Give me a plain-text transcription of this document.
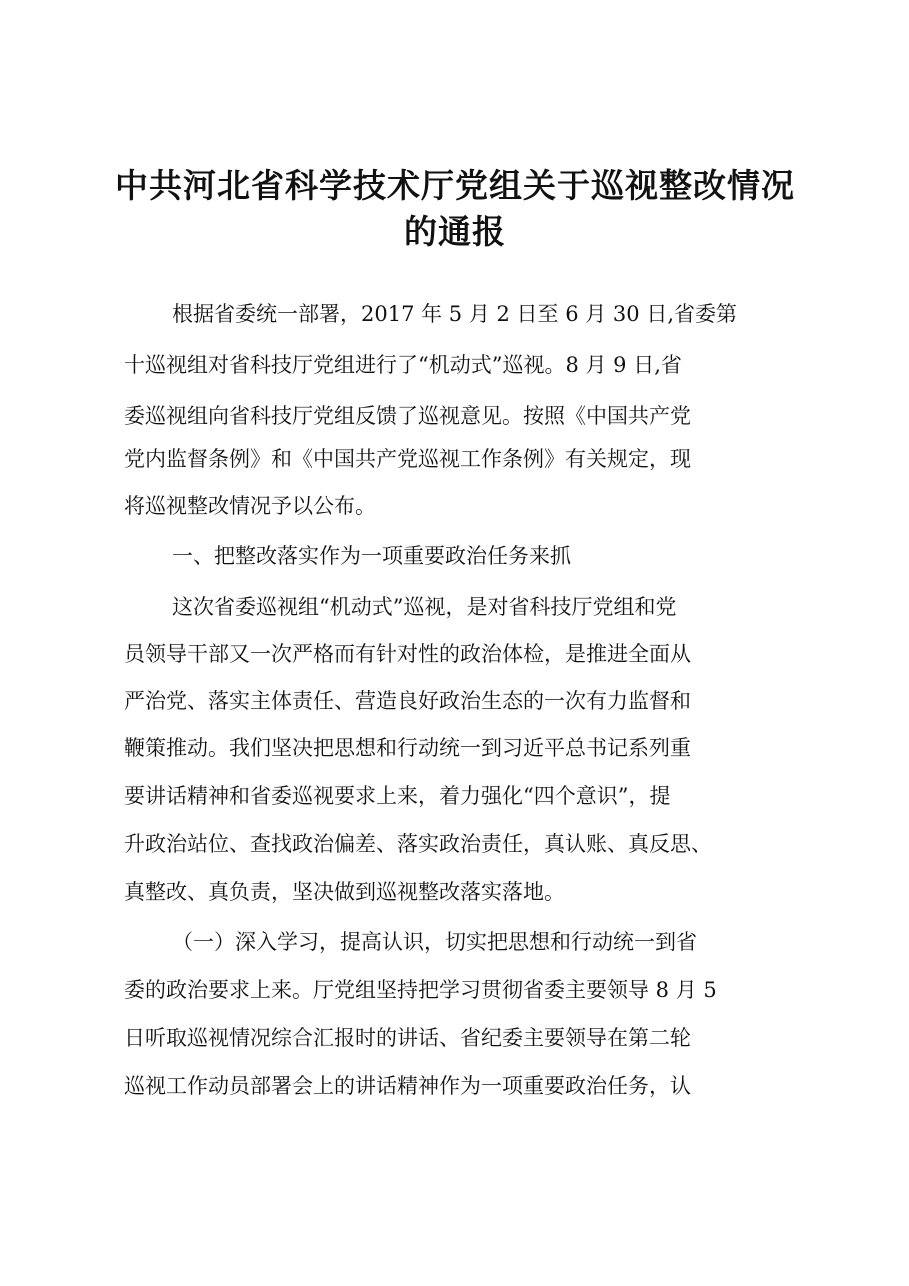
中共河北省科学技术厅党组关于巡视整改情况
的通报
根据省委统一部署，2017 年 5 月 2 日至 6 月 30 日,省委第
十巡视组对省科技厅党组进行了“机动式”巡视。8 月 9 日,省
委巡视组向省科技厅党组反馈了巡视意见。按照《中国共产党
党内监督条例》和《中国共产党巡视工作条例》有关规定，现
将巡视整改情况予以公布。
一、把整改落实作为一项重要政治任务来抓
这次省委巡视组“机动式”巡视，是对省科技厅党组和党
员领导干部又一次严格而有针对性的政治体检，是推进全面从
严治党、落实主体责任、营造良好政治生态的一次有力监督和
鞭策推动。我们坚决把思想和行动统一到习近平总书记系列重
要讲话精神和省委巡视要求上来，着力强化“四个意识”，提
升政治站位、查找政治偏差、落实政治责任，真认账、真反思、
真整改、真负责，坚决做到巡视整改落实落地。
（一）深入学习，提高认识，切实把思想和行动统一到省
委的政治要求上来。厅党组坚持把学习贯彻省委主要领导 8 月 5
日听取巡视情况综合汇报时的讲话、省纪委主要领导在第二轮
巡视工作动员部署会上的讲话精神作为一项重要政治任务，认
